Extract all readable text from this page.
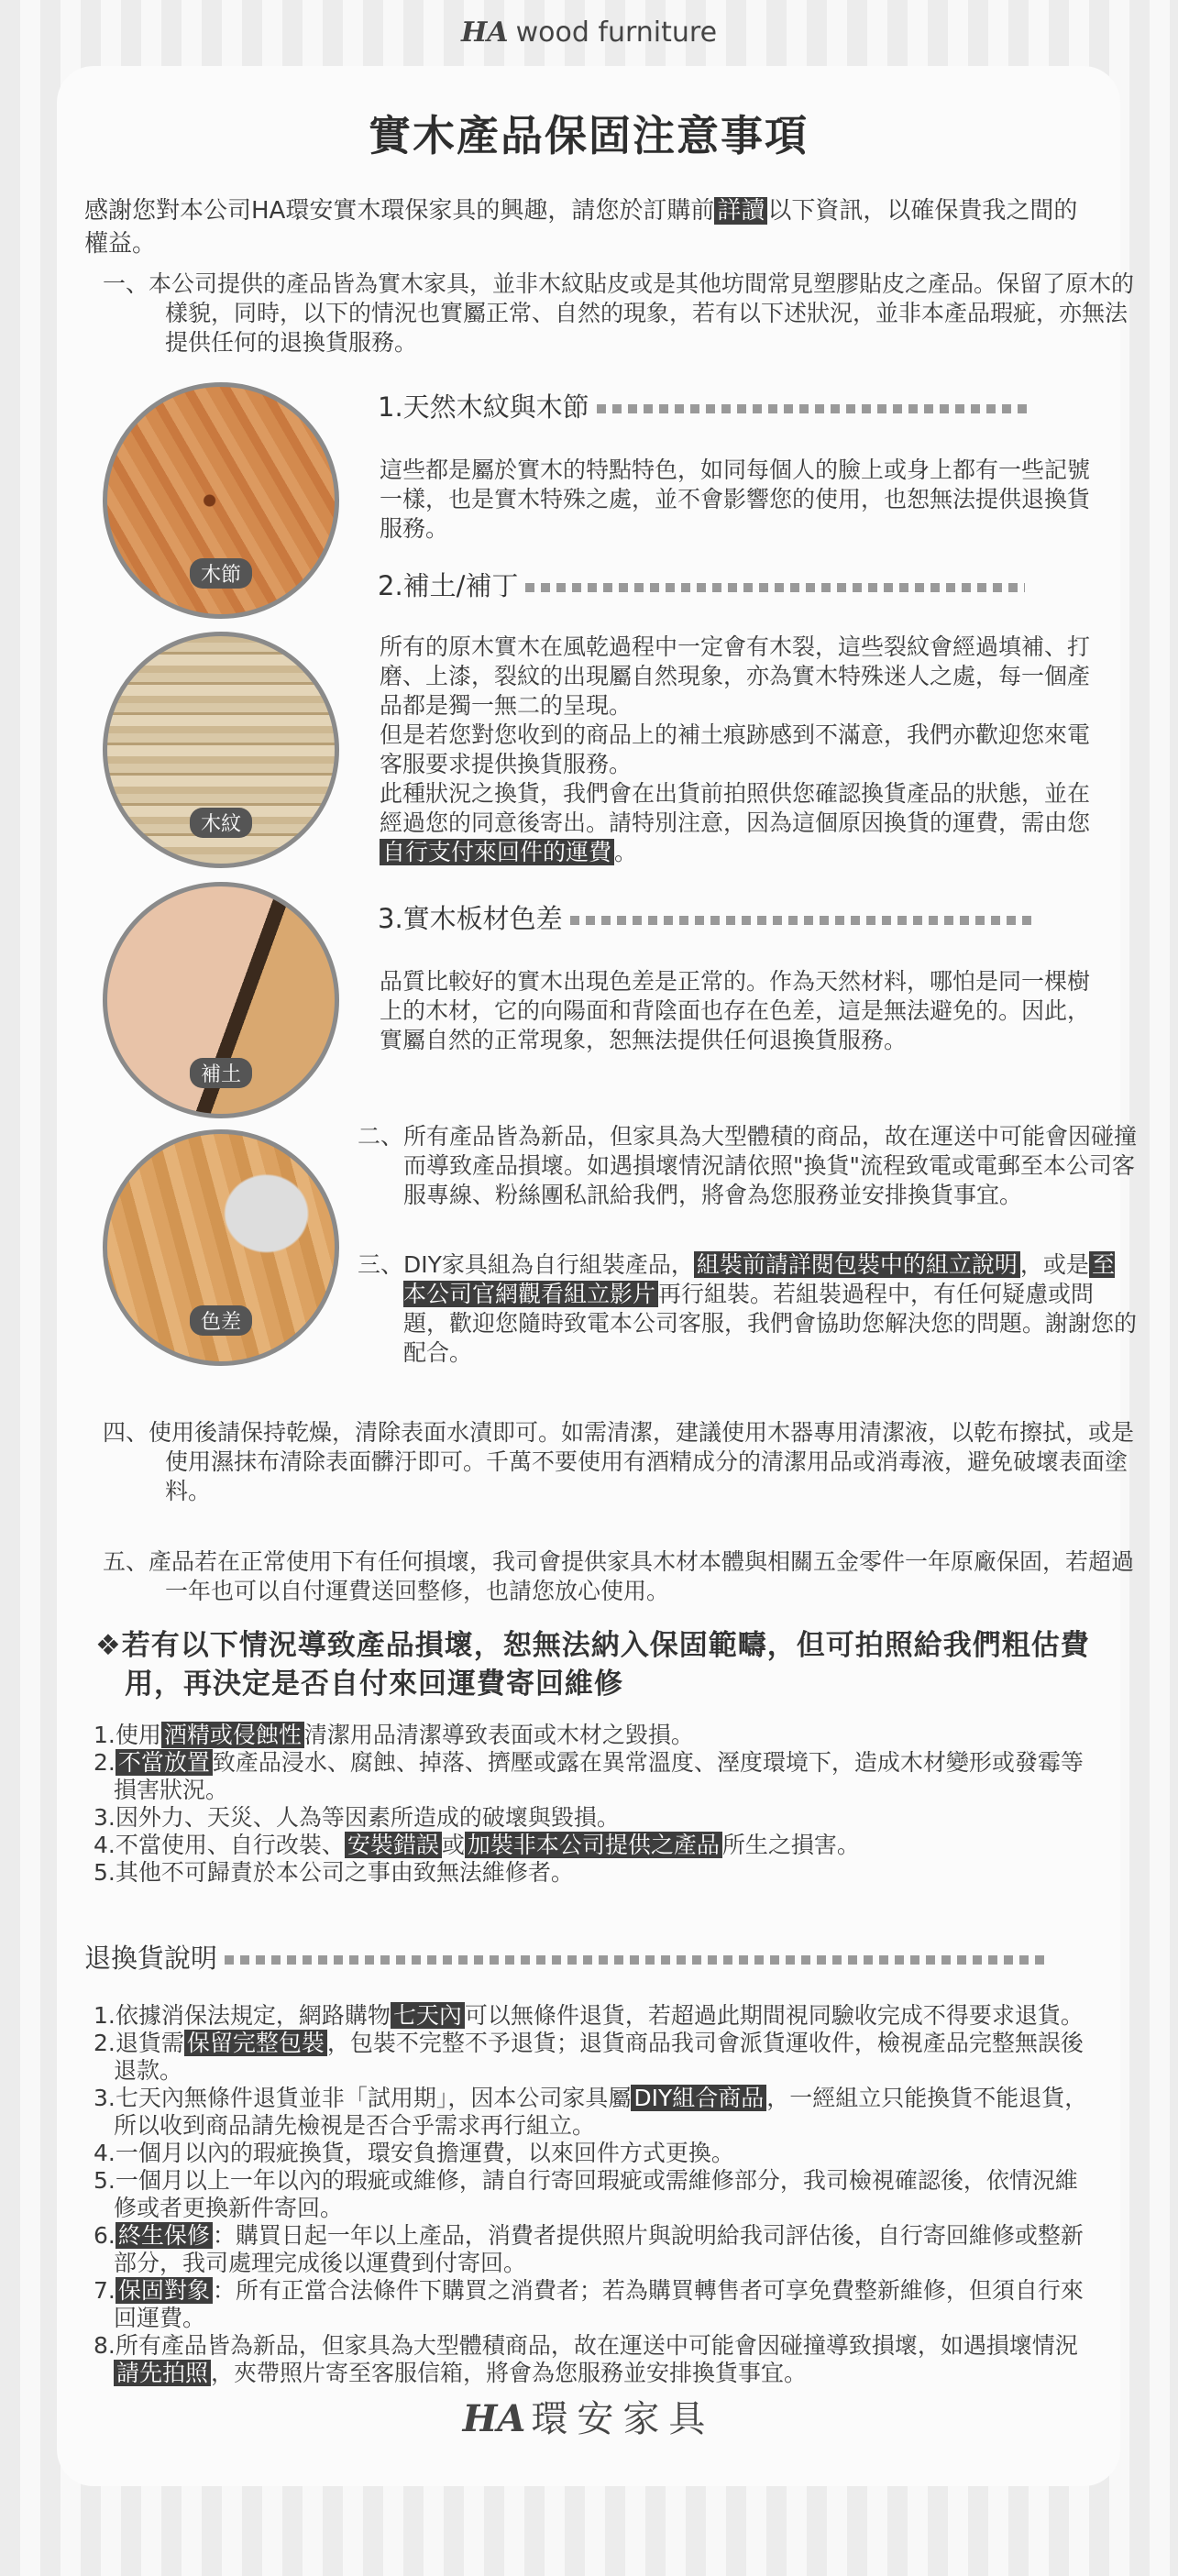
HA wood furniture
實木產品保固注意事項
感謝您對本公司HA環安實木環保家具的興趣，請您於訂購前 詳讀 以下資訊，以確保貴我之間的權益。
一、本公司提供的產品皆為實木家具，並非木紋貼皮或是其他坊間常見塑膠貼皮之產品。保留了原木的樣貌，同時，以下的情況也實屬正常、自然的現象，若有以下述狀況，並非本產品瑕疵，亦無法提供任何的退換貨服務。
木節
木紋
補土
色差
1.天然木紋與木節
這些都是屬於實木的特點特色，如同每個人的臉上或身上都有一些記號一樣，也是實木特殊之處，並不會影響您的使用，也恕無法提供退換貨服務。
2.補土/補丁
所有的原木實木在風乾過程中一定會有木裂，這些裂紋會經過填補、打磨、上漆，裂紋的出現屬自然現象，亦為實木特殊迷人之處，每一個產品都是獨一無二的呈現。
但是若您對您收到的商品上的補土痕跡感到不滿意，我們亦歡迎您來電客服要求提供換貨服務。
此種狀況之換貨，我們會在出貨前拍照供您確認換貨產品的狀態，並在經過您的同意後寄出。請特別注意，因為這個原因換貨的運費，需由您自行支付來回件的運費 。
3.實木板材色差
品質比較好的實木出現色差是正常的。作為天然材料，哪怕是同一棵樹上的木材，它的向陽面和背陰面也存在色差，這是無法避免的。因此，實屬自然的正常現象，恕無法提供任何退換貨服務。
二、所有產品皆為新品，但家具為大型體積的商品，故在運送中可能會因碰撞而導致產品損壞。如遇損壞情況請依照"換貨"流程致電或電郵至本公司客服專線、粉絲團私訊給我們，將會為您服務並安排換貨事宜。
三、DIY家具組為自行組裝產品， 組裝前請詳閱包裝中的組立說明 ，或是 至本公司官網觀看組立影片 再行組裝。若組裝過程中，有任何疑慮或問題，歡迎您隨時致電本公司客服，我們會協助您解決您的問題。謝謝您的配合。
四、使用後請保持乾燥，清除表面水漬即可。如需清潔，建議使用木器專用清潔液，以乾布擦拭，或是使用濕抹布清除表面髒汙即可。千萬不要使用有酒精成分的清潔用品或消毒液，避免破壞表面塗料。
五、產品若在正常使用下有任何損壞，我司會提供家具木材本體與相關五金零件一年原廠保固，若超過一年也可以自付運費送回整修，也請您放心使用。
❖若有以下情況導致產品損壞，恕無法納入保固範疇，但可拍照給我們粗估費用，再決定是否自付來回運費寄回維修
1.使用 酒精或侵蝕性 清潔用品清潔導致表面或木材之毀損。
2. 不當放置 致產品浸水、腐蝕、掉落、擠壓或露在異常溫度、溼度環境下，造成木材變形或發霉等損害狀況。
3.因外力、天災、人為等因素所造成的破壞與毀損。
4.不當使用、自行改裝、 安裝錯誤 或 加裝非本公司提供之產品 所生之損害。
5.其他不可歸責於本公司之事由致無法維修者。
退換貨說明
1.依據消保法規定，網路購物 七天內 可以無條件退貨，若超過此期間視同驗收完成不得要求退貨。
2.退貨需 保留完整包裝 ，包裝不完整不予退貨；退貨商品我司會派貨運收件，檢視產品完整無誤後退款。
3.七天內無條件退貨並非「試用期」，因本公司家具屬 DIY組合商品 ，一經組立只能換貨不能退貨，所以收到商品請先檢視是否合乎需求再行組立。
4.一個月以內的瑕疵換貨，環安負擔運費，以來回件方式更換。
5.一個月以上一年以內的瑕疵或維修，請自行寄回瑕疵或需維修部分，我司檢視確認後，依情況維修或者更換新件寄回。
6. 終生保修 ：購買日起一年以上產品，消費者提供照片與說明給我司評估後，自行寄回維修或整新部分，我司處理完成後以運費到付寄回。
7. 保固對象 ：所有正當合法條件下購買之消費者；若為購買轉售者可享免費整新維修，但須自行來回運費。
8.所有產品皆為新品，但家具為大型體積商品，故在運送中可能會因碰撞導致損壞，如遇損壞情況請先拍照 ，夾帶照片寄至客服信箱，將會為您服務並安排換貨事宜。
HA 環安家具
